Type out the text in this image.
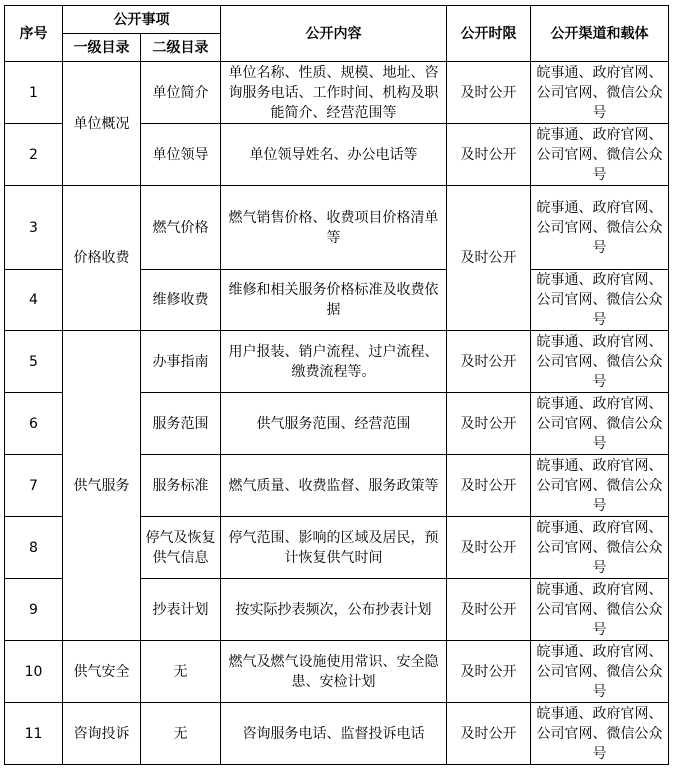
序号	公开事项		公开内容	公开时限	公开渠道和载体
	一级目录	二级目录			
1	单位概况	单位简介	单位名称、性质、规模、地址、咨询服务电话、工作时间、机构及职能简介、经营范围等	及时公开	皖事通、政府官网、公司官网、微信公众号
2		单位领导	单位领导姓名、办公电话等	及时公开	皖事通、政府官网、公司官网、微信公众号
3	价格收费	燃气价格	燃气销售价格、收费项目价格清单等	及时公开	皖事通、政府官网、公司官网、微信公众号
4		维修收费	维修和相关服务价格标准及收费依据		皖事通、政府官网、公司官网、微信公众号
5	供气服务	办事指南	用户报装、销户流程、过户流程、缴费流程等。	及时公开	皖事通、政府官网、公司官网、微信公众号
6		服务范围	供气服务范围、经营范围	及时公开	皖事通、政府官网、公司官网、微信公众号
7		服务标准	燃气质量、收费监督、服务政策等	及时公开	皖事通、政府官网、公司官网、微信公众号
8		停气及恢复供气信息	停气范围、影响的区域及居民，预计恢复供气时间	及时公开	皖事通、政府官网、公司官网、微信公众号
9		抄表计划	按实际抄表频次，公布抄表计划	及时公开	皖事通、政府官网、公司官网、微信公众号
10	供气安全	无	燃气及燃气设施使用常识、安全隐患、安检计划	及时公开	皖事通、政府官网、公司官网、微信公众号
11	咨询投诉	无	咨询服务电话、监督投诉电话	及时公开	皖事通、政府官网、公司官网、微信公众号
